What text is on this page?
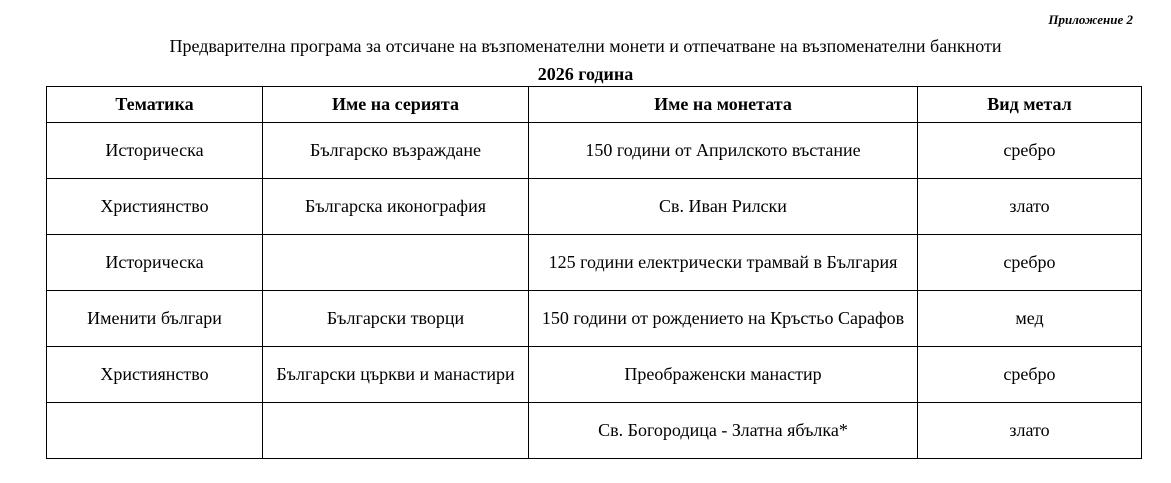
Приложение 2
Предварителна програма за отсичане на възпоменателни монети и отпечатване на възпоменателни банкноти
2026 година
Тематика	Име на серията	Име на монетата	Вид метал
Историческа	Българско възраждане	150 години от Априлското въстание	сребро
Християнство	Българска иконография	Св. Иван Рилски	злато
Историческа		125 години електрически трамвай в България	сребро
Именити българи	Български творци	150 години от рождението на Кръстьо Сарафов	мед
Християнство	Български църкви и манастири	Преображенски манастир	сребро
		Св. Богородица - Златна ябълка*	злато
